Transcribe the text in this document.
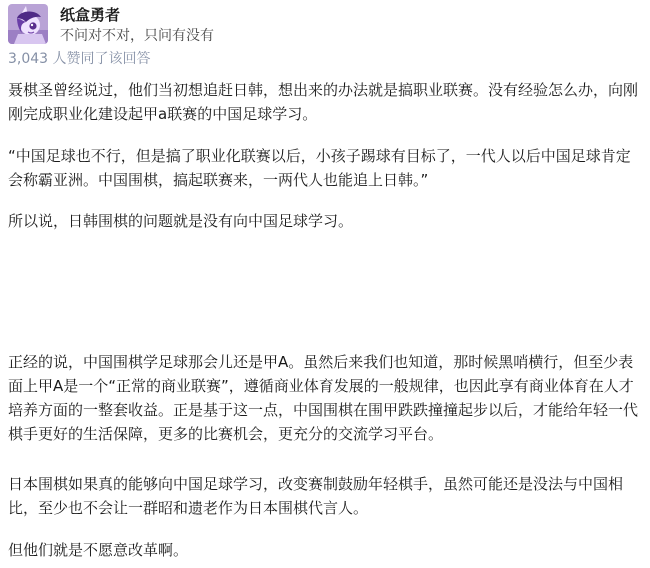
纸盒勇者
不问对不对，只问有没有
3,043 人赞同了该回答

聂棋圣曾经说过，他们当初想追赶日韩，想出来的办法就是搞职业联赛。没有经验怎么办，向刚刚完成职业化建设起甲a联赛的中国足球学习。

“中国足球也不行，但是搞了职业化联赛以后，小孩子踢球有目标了，一代人以后中国足球肯定会称霸亚洲。中国围棋，搞起联赛来，一两代人也能追上日韩。”

所以说，日韩围棋的问题就是没有向中国足球学习。

正经的说，中国围棋学足球那会儿还是甲A。虽然后来我们也知道，那时候黑哨横行，但至少表面上甲A是一个“正常的商业联赛”，遵循商业体育发展的一般规律，也因此享有商业体育在人才培养方面的一整套收益。正是基于这一点，中国围棋在围甲跌跌撞撞起步以后，才能给年轻一代棋手更好的生活保障，更多的比赛机会，更充分的交流学习平台。

日本围棋如果真的能够向中国足球学习，改变赛制鼓励年轻棋手，虽然可能还是没法与中国相比，至少也不会让一群昭和遗老作为日本围棋代言人。

但他们就是不愿意改革啊。
